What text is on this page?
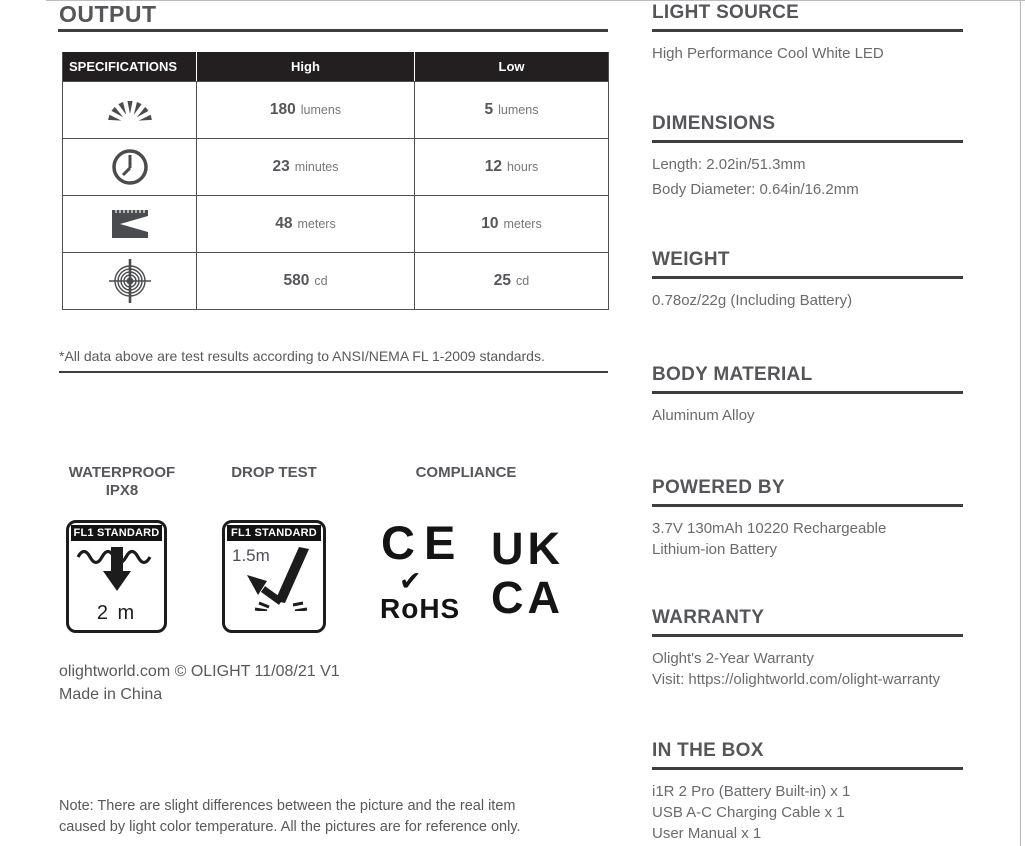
OUTPUT
SPECIFICATIONS	High	Low
180 lumens	5 lumens
23 minutes	12 hours
48 meters	10 meters
580 cd	25 cd
*All data above are test results according to ANSI/NEMA FL 1-2009 standards.
WATERPROOF
IPX8
DROP TEST	COMPLIANCE
FL1 STANDARD
2 m
FL1 STANDARD
1.5m CE
✔
RoHS
UK
CA
olightworld.com © OLIGHT 11/08/21 V1
Made in China
Note: There are slight differences between the picture and the real item
caused by light color temperature. All the pictures are for reference only.
LIGHT SOURCE

High Performance Cool White LED

DIMENSIONS

Length: 2.02in/51.3mm

Body Diameter: 0.64in/16.2mm

WEIGHT

0.78oz/22g (Including Battery)

BODY MATERIAL

Aluminum Alloy

POWERED BY

3.7V 130mAh 10220 Rechargeable

Lithium-ion Battery

WARRANTY

Olight's 2-Year Warranty

Visit: https://olightworld.com/olight-warranty

IN THE BOX

i1R 2 Pro (Battery Built-in) x 1

USB A-C Charging Cable x 1

User Manual x 1
